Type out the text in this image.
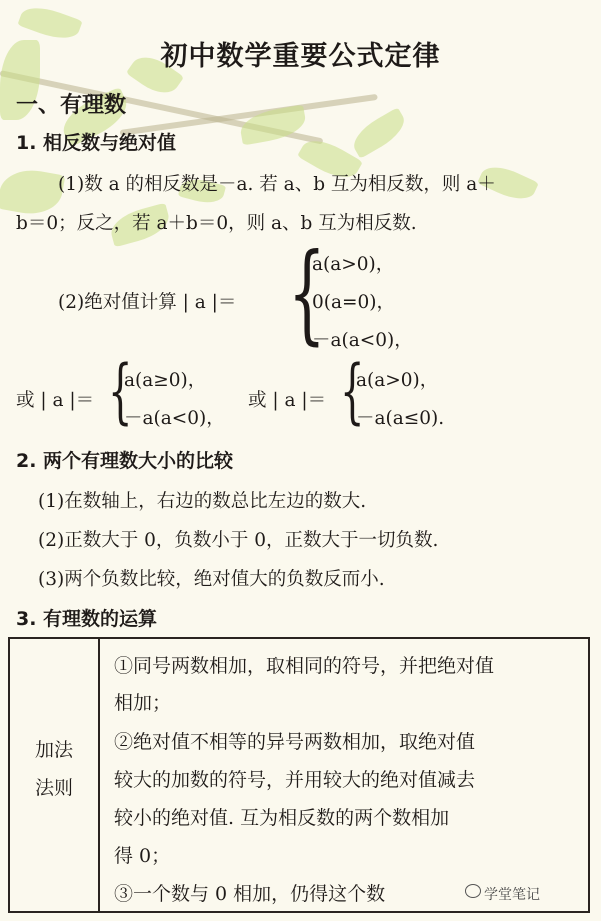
初中数学重要公式定律
一、有理数
1. 相反数与绝对值
(1)数 a 的相反数是－a. 若 a、b 互为相反数，则 a＋
b＝0；反之，若 a＋b＝0，则 a、b 互为相反数.
(2)绝对值计算 | a |＝ {
a(a>0)，
0(a=0)，
－a(a<0)，
或 | a |＝ {
a(a≥0)，
－a(a<0)，
或 | a |＝ {
a(a>0)，
－a(a≤0).
2. 两个有理数大小的比较
(1)在数轴上，右边的数总比左边的数大.
(2)正数大于 0，负数小于 0，正数大于一切负数.
(3)两个负数比较，绝对值大的负数反而小.
3. 有理数的运算
加法
法则
①同号两数相加，取相同的符号，并把绝对值
相加；
②绝对值不相等的异号两数相加，取绝对值
较大的加数的符号，并用较大的绝对值减去
较小的绝对值. 互为相反数的两个数相加
得 0；
③一个数与 0 相加，仍得这个数	学堂笔记
